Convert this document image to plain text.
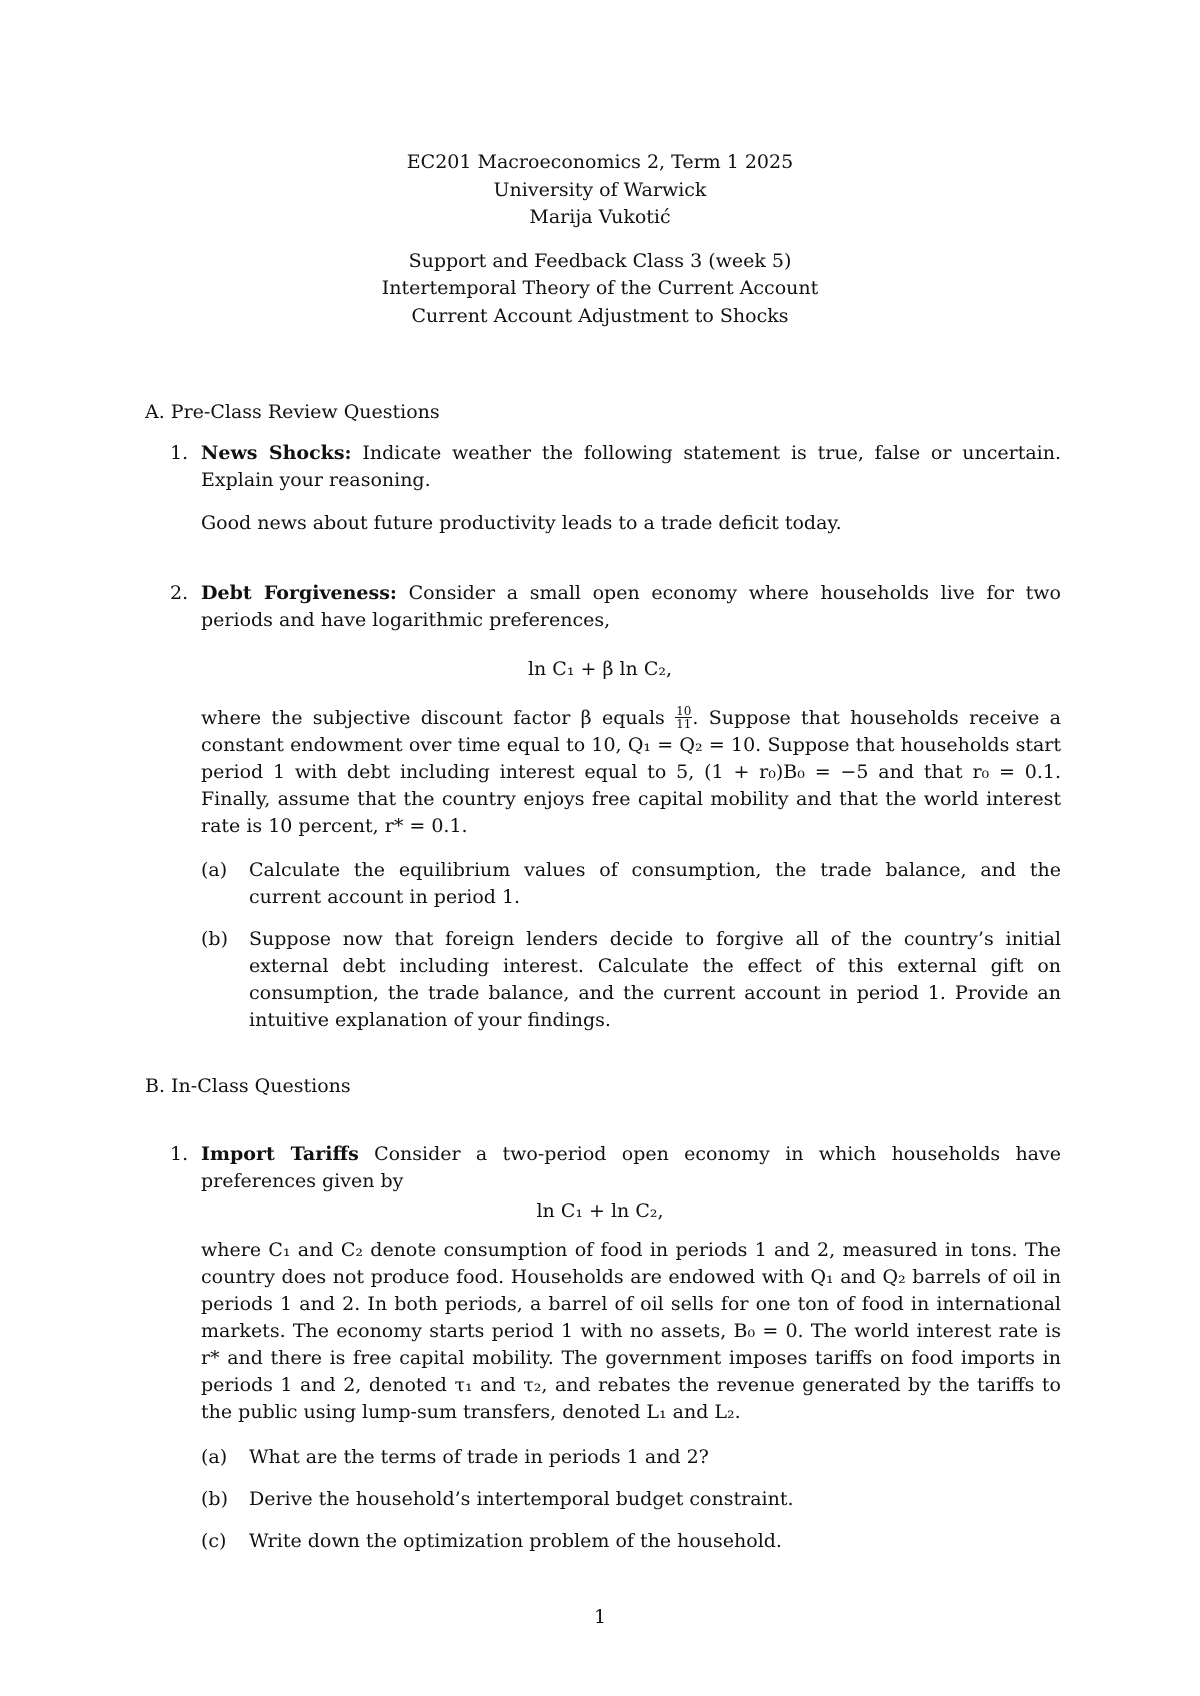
EC201 Macroeconomics 2, Term 1 2025
University of Warwick
Marija Vukotić
Support and Feedback Class 3 (week 5)
Intertemporal Theory of the Current Account
Current Account Adjustment to Shocks
A. Pre-Class Review Questions
1. News Shocks: Indicate weather the following statement is true, false or uncertain. Explain your reasoning.
Good news about future productivity leads to a trade deficit today.
2. Debt Forgiveness: Consider a small open economy where households live for two periods and have logarithmic preferences,
ln C₁ + β ln C₂,
where the subjective discount factor β equals $\frac{10}{11}$ . Suppose that households receive a constant endowment over time equal to 10, Q₁ = Q₂ = 10. Suppose that households start period 1 with debt including interest equal to 5, (1 + r₀)B₀ = −5 and that r₀ = 0.1. Finally, assume that the country enjoys free capital mobility and that the world interest rate is 10 percent, r* = 0.1.
(a) Calculate the equilibrium values of consumption, the trade balance, and the current account in period 1.
(b) Suppose now that foreign lenders decide to forgive all of the country’s initial external debt including interest. Calculate the effect of this external gift on consumption, the trade balance, and the current account in period 1. Provide an intuitive explanation of your findings.
B. In-Class Questions
1. Import Tariffs Consider a two-period open economy in which households have preferences given by
ln C₁ + ln C₂,
where C₁ and C₂ denote consumption of food in periods 1 and 2, measured in tons. The country does not produce food. Households are endowed with Q₁ and Q₂ barrels of oil in periods 1 and 2. In both periods, a barrel of oil sells for one ton of food in international markets. The economy starts period 1 with no assets, B₀ = 0. The world interest rate is r* and there is free capital mobility. The government imposes tariffs on food imports in periods 1 and 2, denoted τ₁ and τ₂, and rebates the revenue generated by the tariffs to the public using lump-sum transfers, denoted L₁ and L₂.
(a) What are the terms of trade in periods 1 and 2?
(b) Derive the household’s intertemporal budget constraint.
(c) Write down the optimization problem of the household.
1
